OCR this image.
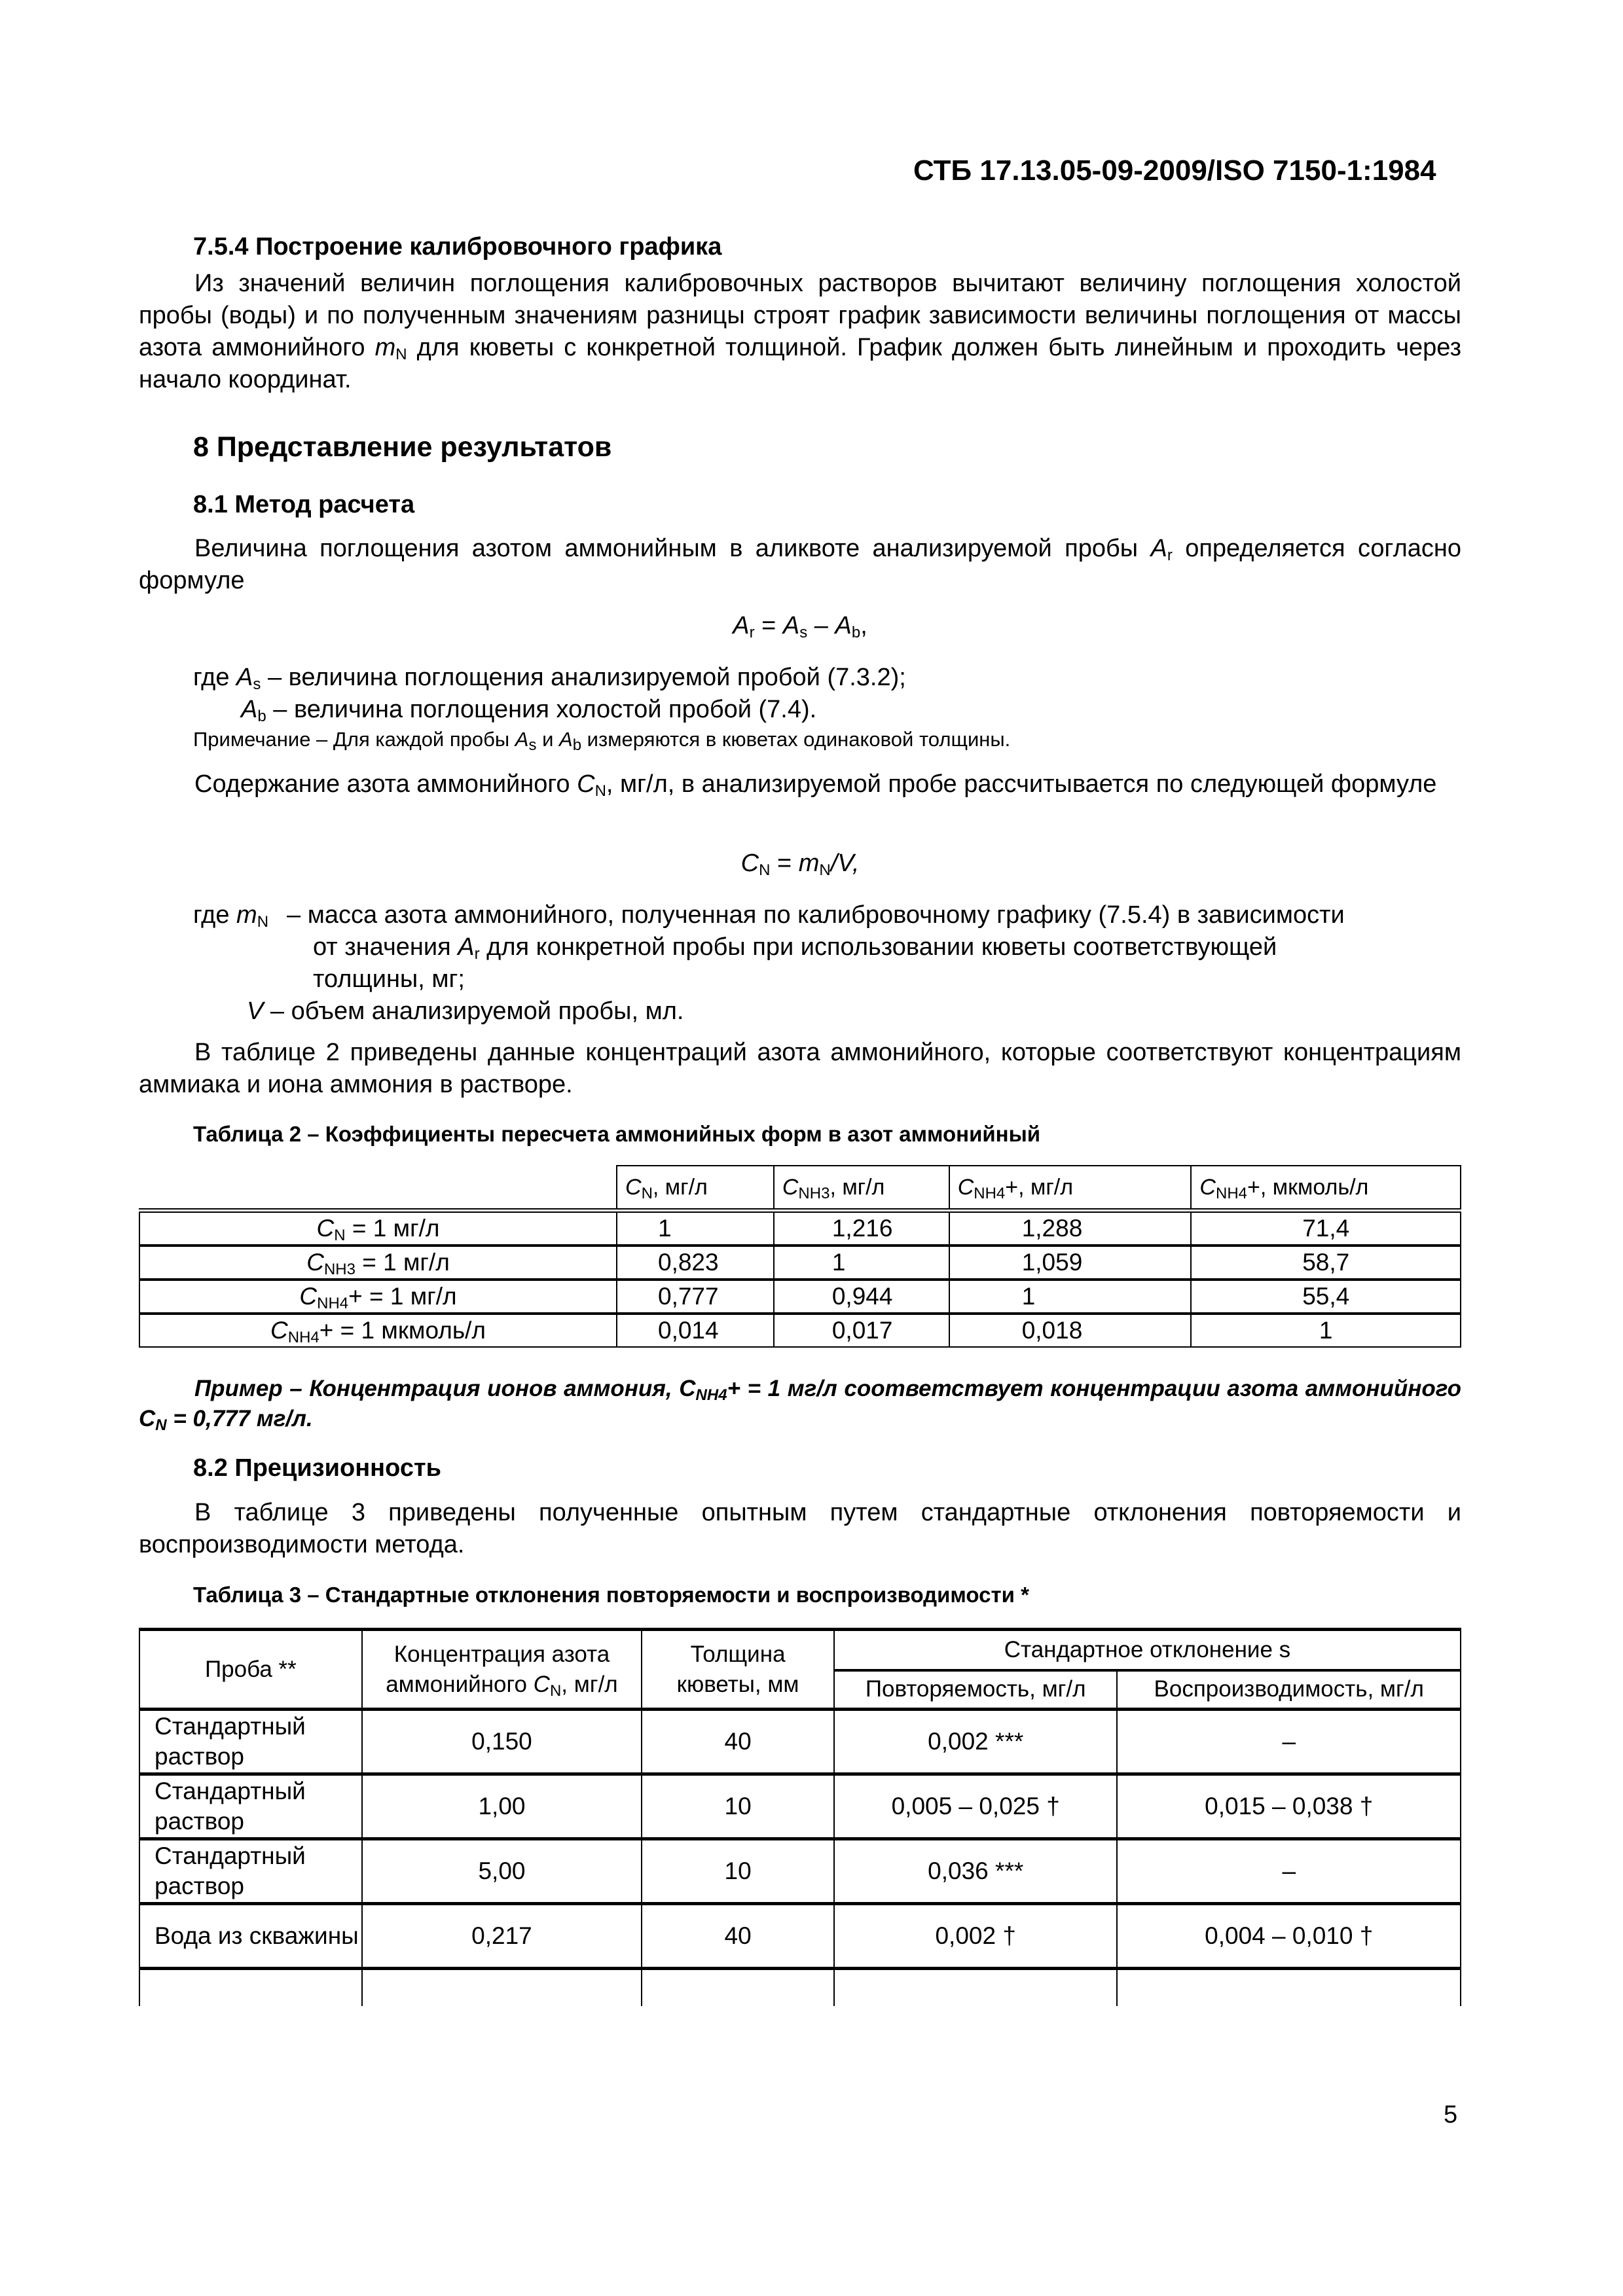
СТБ 17.13.05-09-2009/ISO 7150-1:1984
7.5.4 Построение калибровочного графика
Из значений величин поглощения калибровочных растворов вычитают величину поглощения холостой пробы (воды) и по полученным значениям разницы строят график зависимости величины поглощения от массы азота аммонийного $m_N$ для кюветы с конкретной толщиной. График должен быть линейным и проходить через начало координат.
8 Представление результатов
8.1 Метод расчета
Величина поглощения азотом аммонийным в аликвоте анализируемой пробы $A_r$ определяется согласно формуле
$A_r = A_s - A_b$,
где $A_s$ – величина поглощения анализируемой пробой (7.3.2);
$A_b$ – величина поглощения холостой пробой (7.4).
Примечание – Для каждой пробы $A_s$ и $A_b$ измеряются в кюветах одинаковой толщины.
Содержание азота аммонийного $C_N$, мг/л, в анализируемой пробе рассчитывается по следующей формуле
$C_N = m_N/V$,
где $m_N$ – масса азота аммонийного, полученная по калибровочному графику (7.5.4) в зависимости
от значения $A_r$ для конкретной пробы при использовании кюветы соответствующей
толщины, мг;
V – объем анализируемой пробы, мл.
В таблице 2 приведены данные концентраций азота аммонийного, которые соответствуют концентрациям аммиака и иона аммония в растворе.
Таблица 2 – Коэффициенты пересчета аммонийных форм в азот аммонийный
	$C_N$, мг/л	$C_{NH3}$, мг/л	$C_{NH4}+$, мг/л	$C_{NH4}+$, мкмоль/л
$C_N = 1$ мг/л	1	1,216	1,288	71,4
$C_{NH3} = 1$ мг/л	0,823	1	1,059	58,7
$C_{NH4}+ = 1$ мг/л	0,777	0,944	1	55,4
$C_{NH4}+ = 1$ мкмоль/л	0,014	0,017	0,018	1
Пример – Концентрация ионов аммония, $C_{NH4}+ = 1$ мг/л соответствует концентрации азота аммонийного $C_N = 0,777$ мг/л.
8.2 Прецизионность
В таблице 3 приведены полученные опытным путем стандартные отклонения повторяемости и воспроизводимости метода.
Таблица 3 – Стандартные отклонения повторяемости и воспроизводимости *
Проба **	Концентрация азота аммонийного $C_N$, мг/л	Толщина кюветы, мм	Стандартное отклонение s	
			Повторяемость, мг/л	Воспроизводимость, мг/л
Стандартный раствор	0,150	40	0,002 ***	–
Стандартный раствор	1,00	10	0,005 – 0,025 †	0,015 – 0,038 †
Стандартный раствор	5,00	10	0,036 ***	–
Вода из скважины	0,217	40	0,002 †	0,004 – 0,010 †

5
